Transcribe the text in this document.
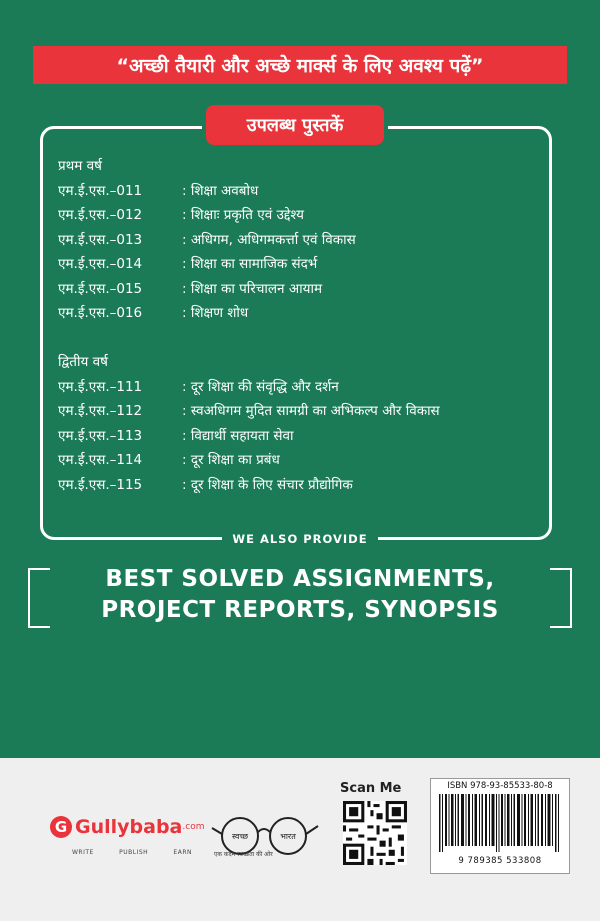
“अच्छी तैयारी और अच्छे मार्क्स के लिए अवश्य पढ़ें”
उपलब्ध पुस्तकें
प्रथम वर्ष
एम.ई.एस.–011	: शिक्षा अवबोध
एम.ई.एस.–012	: शिक्षाः प्रकृति एवं उद्देश्य
एम.ई.एस.–013	: अधिगम, अधिगमकर्त्ता एवं विकास
एम.ई.एस.–014	: शिक्षा का सामाजिक संदर्भ
एम.ई.एस.–015	: शिक्षा का परिचालन आयाम
एम.ई.एस.–016	: शिक्षण शोध
द्वितीय वर्ष
एम.ई.एस.–111	: दूर शिक्षा की संवृद्धि और दर्शन
एम.ई.एस.–112	: स्वअधिगम मुदित सामग्री का अभिकल्प और विकास
एम.ई.एस.–113	: विद्यार्थी सहायता सेवा
एम.ई.एस.–114	: दूर शिक्षा का प्रबंध
एम.ई.एस.–115	: दूर शिक्षा के लिए संचार प्रौद्योगिक
WE ALSO PROVIDE
BEST SOLVED ASSIGNMENTS,
PROJECT REPORTS, SYNOPSIS
G Gullybaba .com
WRITE	PUBLISH	EARN
स्वच्छ	भारत
एक कदम स्वच्छता की ओर
Scan Me	ISBN 978-93-85533-80-8
9 789385 533808
